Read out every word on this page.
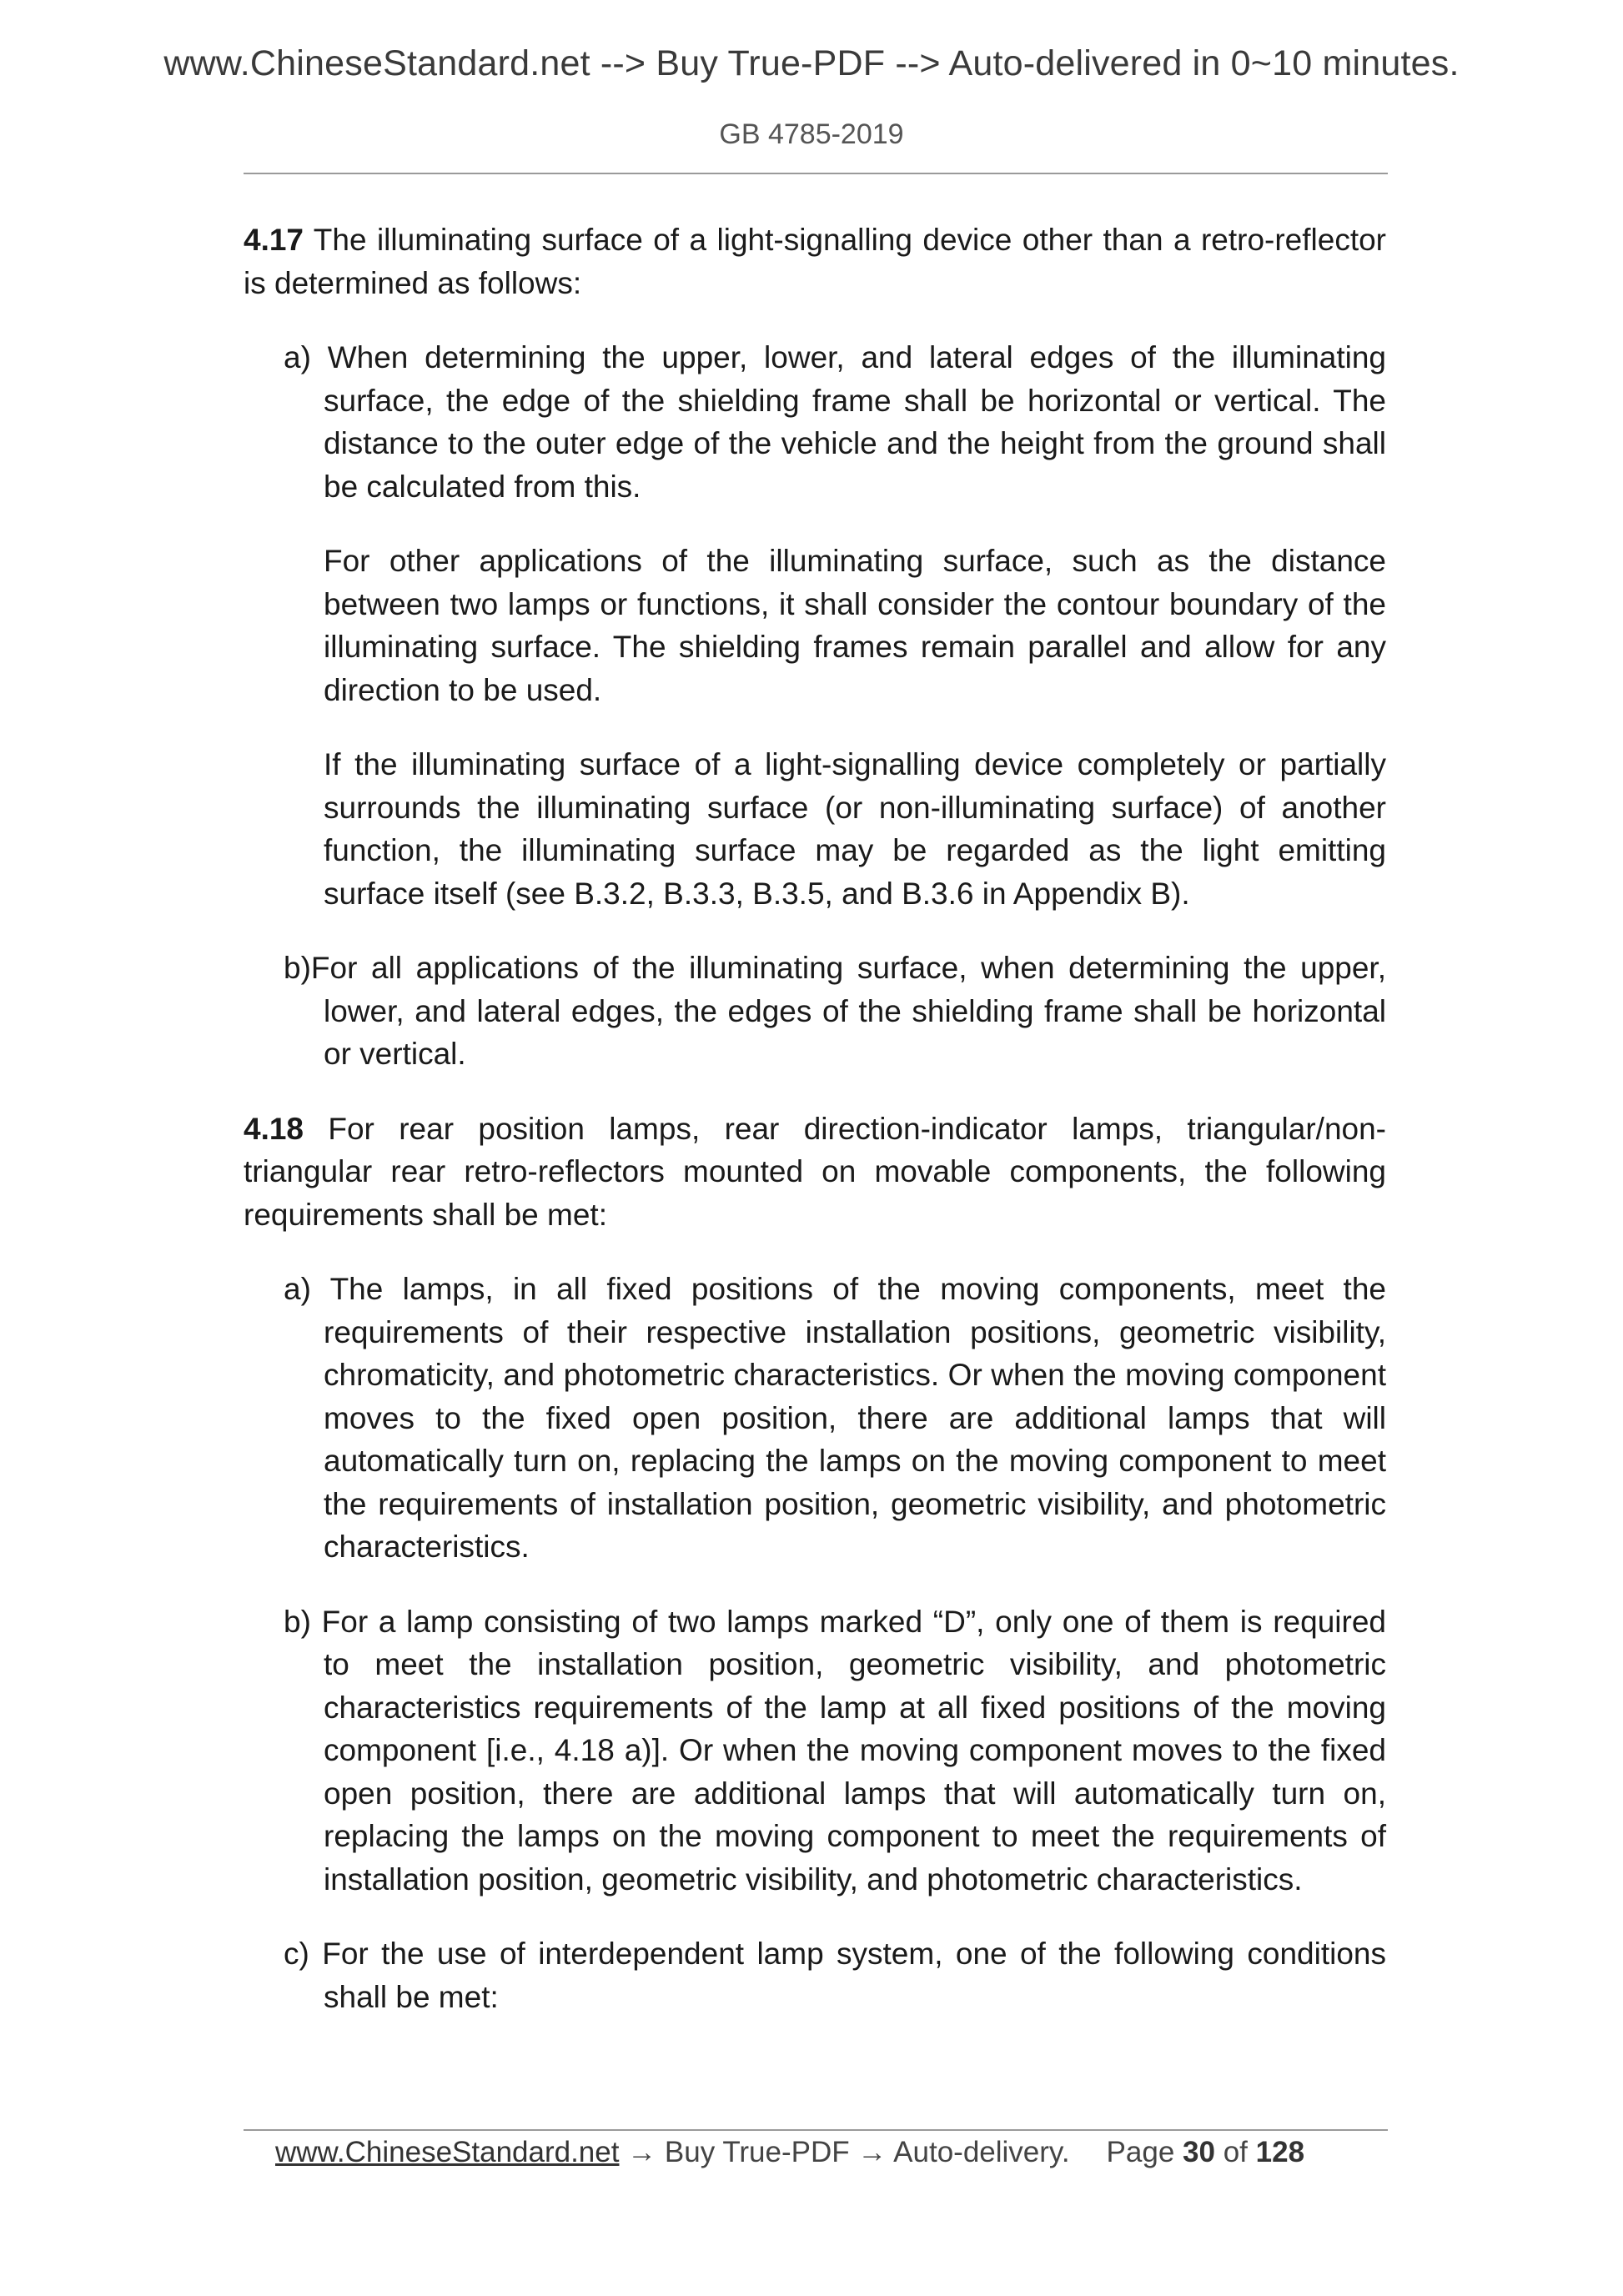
www.ChineseStandard.net --> Buy True-PDF --> Auto-delivered in 0~10 minutes.
GB 4785-2019

4.17 The illuminating surface of a light-signalling device other than a retro-reflector is determined as follows:

a) When determining the upper, lower, and lateral edges of the illuminating surface, the edge of the shielding frame shall be horizontal or vertical. The distance to the outer edge of the vehicle and the height from the ground shall be calculated from this.

For other applications of the illuminating surface, such as the distance between two lamps or functions, it shall consider the contour boundary of the illuminating surface. The shielding frames remain parallel and allow for any direction to be used.

If the illuminating surface of a light-signalling device completely or partially surrounds the illuminating surface (or non-illuminating surface) of another function, the illuminating surface may be regarded as the light emitting surface itself (see B.3.2, B.3.3, B.3.5, and B.3.6 in Appendix B).

b)For all applications of the illuminating surface, when determining the upper, lower, and lateral edges, the edges of the shielding frame shall be horizontal or vertical.

4.18 For rear position lamps, rear direction-indicator lamps, triangular/non-triangular rear retro-reflectors mounted on movable components, the following requirements shall be met:

a) The lamps, in all fixed positions of the moving components, meet the requirements of their respective installation positions, geometric visibility, chromaticity, and photometric characteristics. Or when the moving component moves to the fixed open position, there are additional lamps that will automatically turn on, replacing the lamps on the moving component to meet the requirements of installation position, geometric visibility, and photometric characteristics.

b) For a lamp consisting of two lamps marked “D”, only one of them is required to meet the installation position, geometric visibility, and photometric characteristics requirements of the lamp at all fixed positions of the moving component [i.e., 4.18 a)]. Or when the moving component moves to the fixed open position, there are additional lamps that will automatically turn on, replacing the lamps on the moving component to meet the requirements of installation position, geometric visibility, and photometric characteristics.

c) For the use of interdependent lamp system, one of the following conditions shall be met:

www.ChineseStandard.net → Buy True-PDF → Auto-delivery. Page 30 of 128
